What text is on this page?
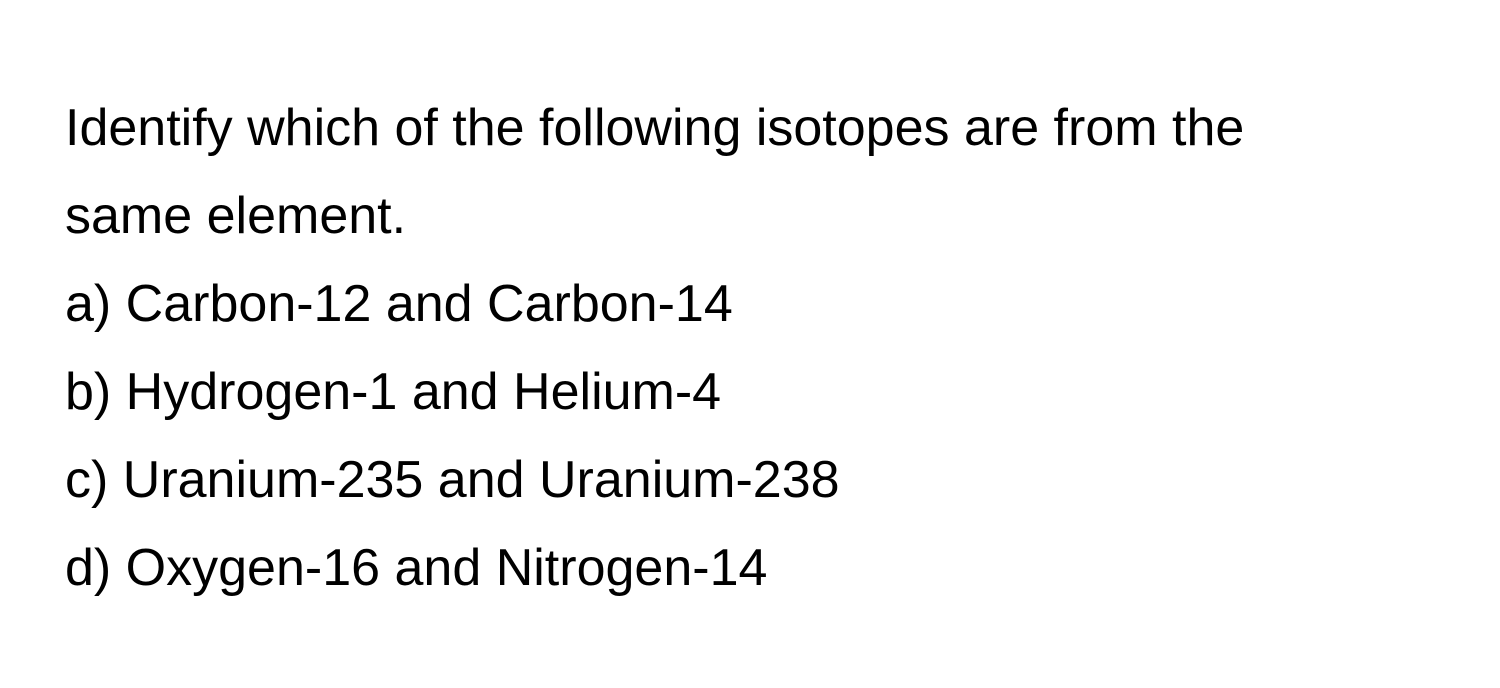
Identify which of the following isotopes are from the
same element.
a) Carbon-12 and Carbon-14
b) Hydrogen-1 and Helium-4
c) Uranium-235 and Uranium-238
d) Oxygen-16 and Nitrogen-14
